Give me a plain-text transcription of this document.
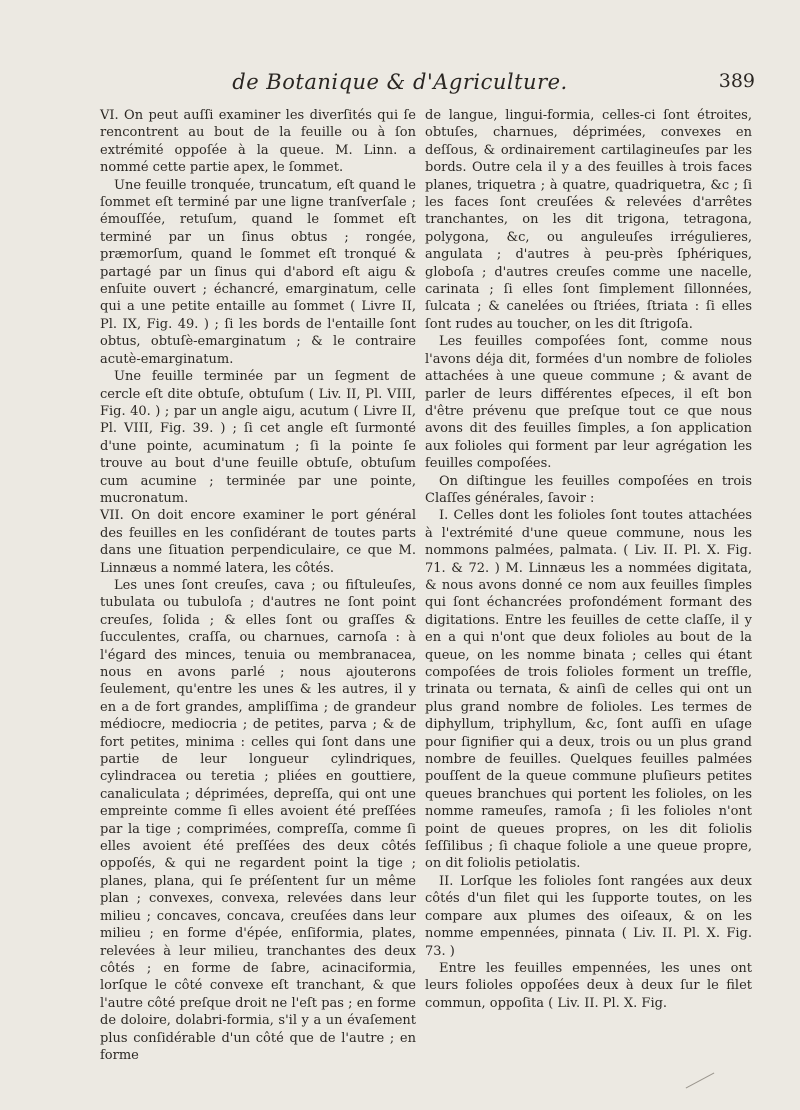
de Botanique & d'Agriculture.	389

VI. On peut auſſi examiner les diverſités qui ſe rencontrent au bout de la feuille ou à ſon extrémité oppoſée à la queue. M. Linn. a nommé cette partie apex, le ſommet.

Une feuille tronquée, truncatum, eſt quand le ſommet eſt terminé par une ligne tranſverſale ; émouſſée, retuſum, quand le ſommet eſt terminé par un ſinus obtus ; rongée, præmorſum, quand le ſommet eſt tronqué & partagé par un ſinus qui d'abord eſt aigu & enſuite ouvert ; échancré, emarginatum, celle qui a une petite entaille au ſommet ( Livre II, Pl. IX, Fig. 49. ) ; ſi les bords de l'entaille ſont obtus, obtuſè-emarginatum ; & le contraire acutè-emarginatum.

Une feuille terminée par un ſegment de cercle eſt dite obtuſe, obtuſum ( Liv. II, Pl. VIII, Fig. 40. ) ; par un angle aigu, acutum ( Livre II, Pl. VIII, Fig. 39. ) ; ſi cet angle eſt ſurmonté d'une pointe, acuminatum ; ſi la pointe ſe trouve au bout d'une feuille obtuſe, obtuſum cum acumine ; terminée par une pointe, mucronatum.

VII. On doit encore examiner le port général des feuilles en les conſidérant de toutes parts dans une ſituation perpendiculaire, ce que M. Linnæus a nommé latera, les côtés.

Les unes ſont creuſes, cava ; ou fiſtuleuſes, tubulata ou tubuloſa ; d'autres ne ſont point creuſes, ſolida ; & elles ſont ou graſſes & ſucculentes, craſſa, ou charnues, carnoſa : à l'égard des minces, tenuia ou membranacea, nous en avons parlé ; nous ajouterons ſeulement, qu'entre les unes & les autres, il y en a de fort grandes, ampliſſima ; de grandeur médiocre, mediocria ; de petites, parva ; & de fort petites, minima : celles qui ſont dans une partie de leur longueur cylindriques, cylindracea ou teretia ; pliées en gouttiere, canaliculata ; déprimées, depreſſa, qui ont une empreinte comme ſi elles avoient été preſſées par la tige ; comprimées, compreſſa, comme ſi elles avoient été preſſées des deux côtés oppoſés, & qui ne regardent point la tige ; planes, plana, qui ſe préſentent ſur un même plan ; convexes, convexa, relevées dans leur milieu ; concaves, concava, creuſées dans leur milieu ; en forme d'épée, enſiformia, plates, relevées à leur milieu, tranchantes des deux côtés ; en forme de ſabre, acinaciformia, lorſque le côté convexe eſt tranchant, & que l'autre côté preſque droit ne l'eſt pas ; en forme de doloire, dolabri-formia, s'il y a un évaſement plus conſidérable d'un côté que de l'autre ; en forme

de langue, lingui-formia, celles-ci ſont étroites, obtuſes, charnues, déprimées, convexes en deſſous, & ordinairement cartilagineuſes par les bords. Outre cela il y a des feuilles à trois faces planes, triquetra ; à quatre, quadriquetra, &c ; ſi les faces ſont creuſées & relevées d'arrêtes tranchantes, on les dit trigona, tetragona, polygona, &c, ou anguleuſes irrégulieres, angulata ; d'autres à peu-près ſphériques, globoſa ; d'autres creuſes comme une nacelle, carinata ; ſi elles ſont ſimplement ſillonnées, ſulcata ; & canelées ou ſtriées, ſtriata : ſi elles ſont rudes au toucher, on les dit ſtrigoſa.

Les feuilles compoſées ſont, comme nous l'avons déja dit, formées d'un nombre de folioles attachées à une queue commune ; & avant de parler de leurs différentes eſpeces, il eſt bon d'être prévenu que preſque tout ce que nous avons dit des feuilles ſimples, a ſon application aux folioles qui forment par leur agrégation les feuilles compoſées.

On diſtingue les feuilles compoſées en trois Claſſes générales, ſavoir :

I. Celles dont les folioles ſont toutes attachées à l'extrémité d'une queue commune, nous les nommons palmées, palmata. ( Liv. II. Pl. X. Fig. 71. & 72. ) M. Linnæus les a nommées digitata, & nous avons donné ce nom aux feuilles ſimples qui ſont échancrées profondément formant des digitations. Entre les feuilles de cette claſſe, il y en a qui n'ont que deux folioles au bout de la queue, on les nomme binata ; celles qui étant compoſées de trois folioles forment un treſfle, trinata ou ternata, & ainſi de celles qui ont un plus grand nombre de folioles. Les termes de diphyllum, triphyllum, &c, ſont auſſi en uſage pour ſignifier qui a deux, trois ou un plus grand nombre de feuilles. Quelques feuilles palmées pouſſent de la queue commune pluſieurs petites queues branchues qui portent les folioles, on les nomme rameuſes, ramoſa ; ſi les folioles n'ont point de queues propres, on les dit foliolis ſeſſilibus ; ſi chaque foliole a une queue propre, on dit foliolis petiolatis.

II. Lorſque les folioles ſont rangées aux deux côtés d'un filet qui les ſupporte toutes, on les compare aux plumes des oiſeaux, & on les nomme empennées, pinnata ( Liv. II. Pl. X. Fig. 73. )

Entre les feuilles empennées, les unes ont leurs folioles oppoſées deux à deux ſur le filet commun, oppoſita ( Liv. II. Pl. X. Fig.
